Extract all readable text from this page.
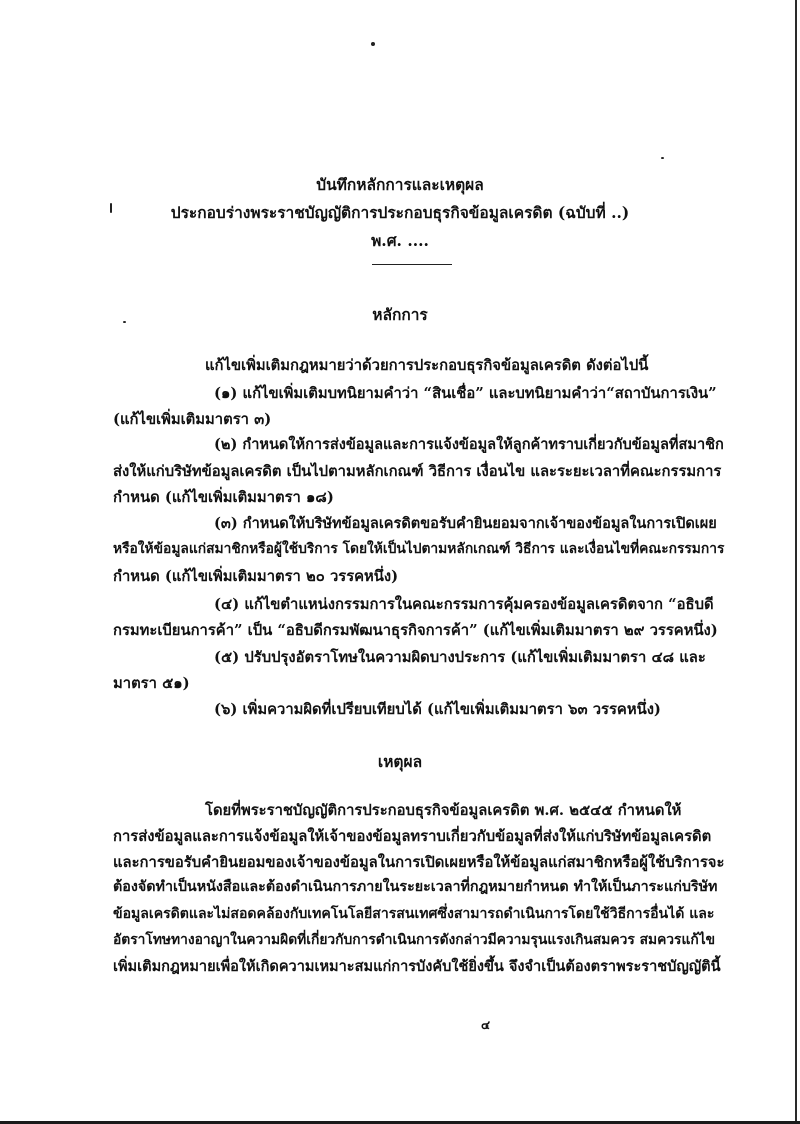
บันทึกหลักการและเหตุผล
ประกอบร่างพระราชบัญญัติการประกอบธุรกิจข้อมูลเครดิต (ฉบับที่ ..)
พ.ศ. ....
หลักการ
แก้ไขเพิ่มเติมกฎหมายว่าด้วยการประกอบธุรกิจข้อมูลเครดิต ดังต่อไปนี้
(๑) แก้ไขเพิ่มเติมบทนิยามคำว่า “สินเชื่อ” และบทนิยามคำว่า“สถาบันการเงิน”
(แก้ไขเพิ่มเติมมาตรา ๓)
(๒) กำหนดให้การส่งข้อมูลและการแจ้งข้อมูลให้ลูกค้าทราบเกี่ยวกับข้อมูลที่สมาชิก
ส่งให้แก่บริษัทข้อมูลเครดิต เป็นไปตามหลักเกณฑ์ วิธีการ เงื่อนไข และระยะเวลาที่คณะกรรมการ
กำหนด (แก้ไขเพิ่มเติมมาตรา ๑๘)
(๓) กำหนดให้บริษัทข้อมูลเครดิตขอรับคำยินยอมจากเจ้าของข้อมูลในการเปิดเผย
หรือให้ข้อมูลแก่สมาชิกหรือผู้ใช้บริการ โดยให้เป็นไปตามหลักเกณฑ์ วิธีการ และเงื่อนไขที่คณะกรรมการ
กำหนด (แก้ไขเพิ่มเติมมาตรา ๒๐ วรรคหนึ่ง)
(๔) แก้ไขตำแหน่งกรรมการในคณะกรรมการคุ้มครองข้อมูลเครดิตจาก “อธิบดี
กรมทะเบียนการค้า” เป็น “อธิบดีกรมพัฒนาธุรกิจการค้า” (แก้ไขเพิ่มเติมมาตรา ๒๙ วรรคหนึ่ง)
(๕) ปรับปรุงอัตราโทษในความผิดบางประการ (แก้ไขเพิ่มเติมมาตรา ๔๘ และ
มาตรา ๕๑)
(๖) เพิ่มความผิดที่เปรียบเทียบได้ (แก้ไขเพิ่มเติมมาตรา ๖๓ วรรคหนึ่ง)
เหตุผล
โดยที่พระราชบัญญัติการประกอบธุรกิจข้อมูลเครดิต พ.ศ. ๒๕๔๕ กำหนดให้
การส่งข้อมูลและการแจ้งข้อมูลให้เจ้าของข้อมูลทราบเกี่ยวกับข้อมูลที่ส่งให้แก่บริษัทข้อมูลเครดิต
และการขอรับคำยินยอมของเจ้าของข้อมูลในการเปิดเผยหรือให้ข้อมูลแก่สมาชิกหรือผู้ใช้บริการจะ
ต้องจัดทำเป็นหนังสือและต้องดำเนินการภายในระยะเวลาที่กฎหมายกำหนด ทำให้เป็นภาระแก่บริษัท
ข้อมูลเครดิตและไม่สอดคล้องกับเทคโนโลยีสารสนเทศซึ่งสามารถดำเนินการโดยใช้วิธีการอื่นได้ และ
อัตราโทษทางอาญาในความผิดที่เกี่ยวกับการดำเนินการดังกล่าวมีความรุนแรงเกินสมควร สมควรแก้ไข
เพิ่มเติมกฎหมายเพื่อให้เกิดความเหมาะสมแก่การบังคับใช้ยิ่งขึ้น จึงจำเป็นต้องตราพระราชบัญญัตินี้
๔
